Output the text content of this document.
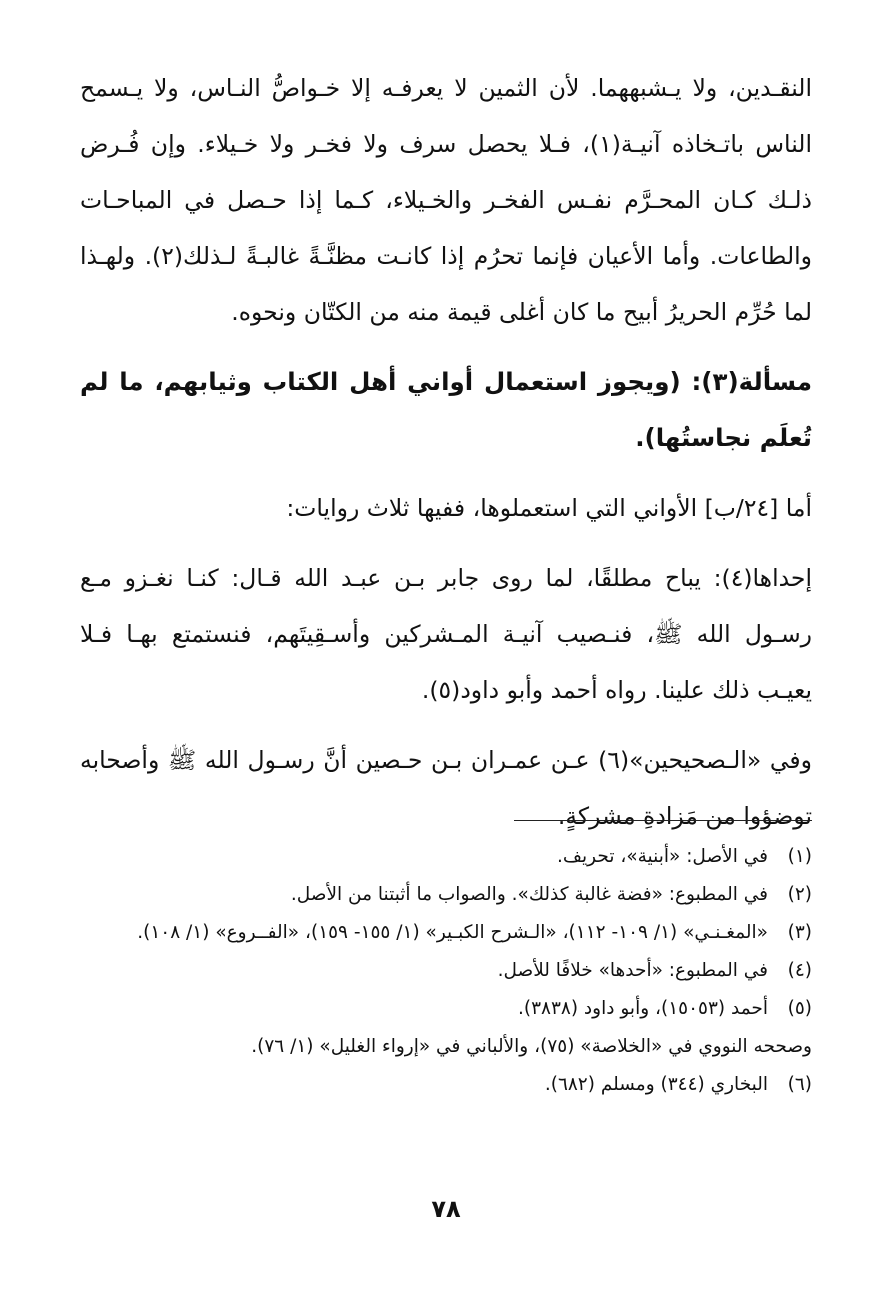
النقـدين، ولا يـشبههما. لأن الثمين لا يعرفـه إلا خـواصُّ النـاس، ولا يـسمح الناس باتـخاذه آنيـة(١)، فـلا يحصل سرف ولا فخـر ولا خـيلاء. وإن فُـرض ذلـك كـان المحـرَّم نفـس الفخـر والخـيلاء، كـما إذا حـصل في المباحـات والطاعات. وأما الأعيان فإنما تحرُم إذا كانـت مظنَّـةً غالبـةً لـذلك(٢). ولهـذا لما حُرِّم الحريرُ أبيح ما كان أغلى قيمة منه من الكتّان ونحوه.

مسألة(٣): (ويجوز استعمال أواني أهل الكتاب وثيابهم، ما لم تُعلَم نجاستُها).

أما [٢٤/ب] الأواني التي استعملوها، ففيها ثلاث روايات:

إحداها(٤): يباح مطلقًا، لما روى جابر بـن عبـد الله قـال: كنـا نغـزو مـع رسـول الله ﷺ، فنـصيب آنيـة المـشركين وأسـقِيتَهم، فنستمتع بهـا فـلا يعيـب ذلك علينا. رواه أحمد وأبو داود(٥).

وفي «الـصحيحين»(٦) عـن عمـران بـن حـصين أنَّ رسـول الله ﷺ وأصحابه توضؤوا من مَزادةِ مشركةٍ.

(١)
في الأصل: «أبنية»، تحريف.
(٢)
في المطبوع: «فضة غالبة كذلك». والصواب ما أثبتنا من الأصل.
(٣)
«المغـنـي» (١/ ١٠٩- ١١٢)، «الـشرح الكبـير» (١/ ١٥٥- ١٥٩)، «الفــروع» (١/ ١٠٨).
(٤)
في المطبوع: «أحدها» خلافًا للأصل.
(٥)
أحمد (١٥٠٥٣)، وأبو داود (٣٨٣٨).
وصححه النووي في «الخلاصة» (٧٥)، والألباني في «إرواء الغليل» (١/ ٧٦).
(٦)
البخاري (٣٤٤) ومسلم (٦٨٢).
٧٨
